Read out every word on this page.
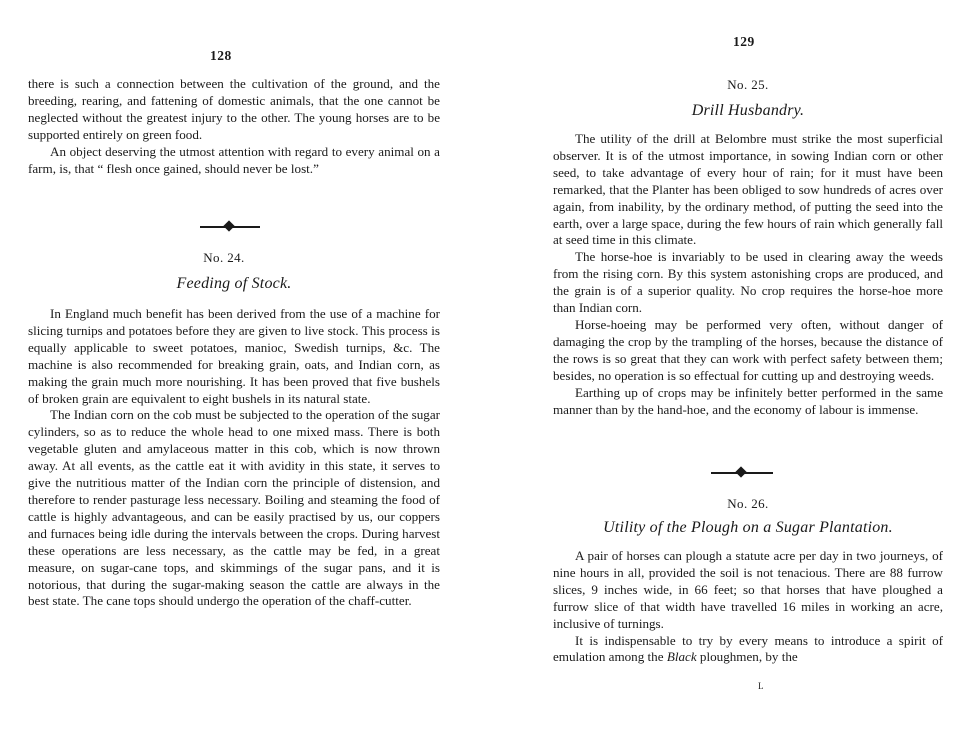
128

there is such a connection between the cultivation of the ground, and the breeding, rearing, and fattening of domestic animals, that the one cannot be neglected without the greatest injury to the other. The young horses are to be supported entirely on green food.

An object deserving the utmost attention with regard to every animal on a farm, is, that “ flesh once gained, should never be lost.”

No. 24.
Feeding of Stock.

In England much benefit has been derived from the use of a machine for slicing turnips and potatoes before they are given to live stock. This process is equally applicable to sweet potatoes, manioc, Swedish turnips, &c. The machine is also recommended for breaking grain, oats, and Indian corn, as making the grain much more nourishing. It has been proved that five bushels of broken grain are equivalent to eight bushels in its natural state.

The Indian corn on the cob must be subjected to the operation of the sugar cylinders, so as to reduce the whole head to one mixed mass. There is both vegetable gluten and amylaceous matter in this cob, which is now thrown away. At all events, as the cattle eat it with avidity in this state, it serves to give the nutritious matter of the Indian corn the principle of distension, and therefore to render pasturage less necessary. Boiling and steaming the food of cattle is highly advantageous, and can be easily practised by us, our coppers and furnaces being idle during the intervals between the crops. During harvest these operations are less necessary, as the cattle may be fed, in a great measure, on sugar-cane tops, and skimmings of the sugar pans, and it is notorious, that during the sugar-making season the cattle are always in the best state. The cane tops should undergo the operation of the chaff-cutter.

129
No. 25.
Drill Husbandry.

The utility of the drill at Belombre must strike the most superficial observer. It is of the utmost importance, in sowing Indian corn or other seed, to take advantage of every hour of rain; for it must have been remarked, that the Planter has been obliged to sow hundreds of acres over again, from inability, by the ordinary method, of putting the seed into the earth, over a large space, during the few hours of rain which generally fall at seed time in this climate.

The horse-hoe is invariably to be used in clearing away the weeds from the rising corn. By this system astonishing crops are produced, and the grain is of a superior quality. No crop requires the horse-hoe more than Indian corn.

Horse-hoeing may be performed very often, without danger of damaging the crop by the trampling of the horses, because the distance of the rows is so great that they can work with perfect safety between them; besides, no operation is so effectual for cutting up and destroying weeds.

Earthing up of crops may be infinitely better performed in the same manner than by the hand-hoe, and the economy of labour is immense.

No. 26.
Utility of the Plough on a Sugar Plantation.

A pair of horses can plough a statute acre per day in two journeys, of nine hours in all, provided the soil is not tenacious. There are 88 furrow slices, 9 inches wide, in 66 feet; so that horses that have ploughed a furrow slice of that width have travelled 16 miles in working an acre, inclusive of turnings.

It is indispensable to try by every means to introduce a spirit of emulation among the Black ploughmen, by the

L
